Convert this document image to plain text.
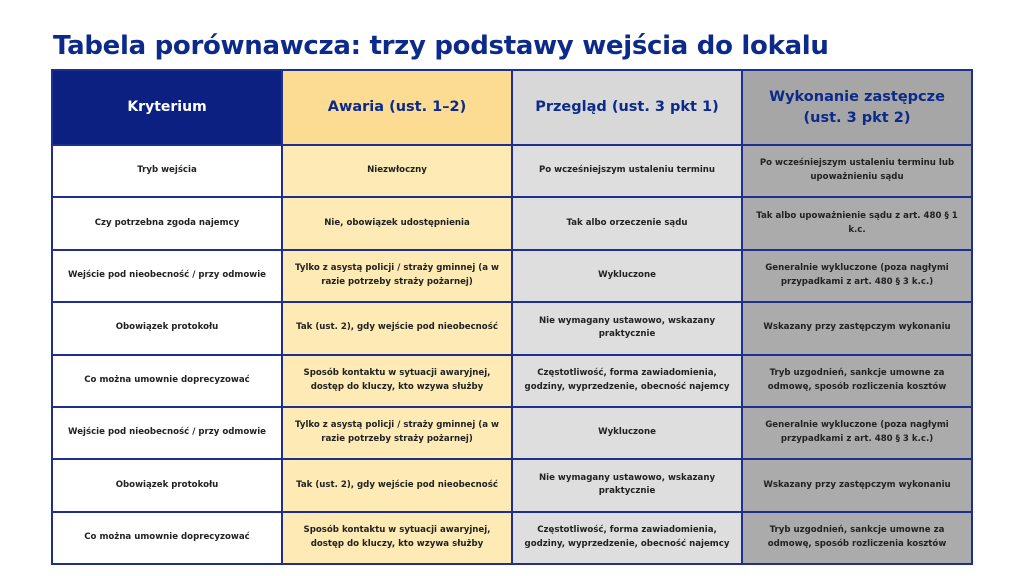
Tabela porównawcza: trzy podstawy wejścia do lokalu
Kryterium	Awaria (ust. 1–2)	Przegląd (ust. 3 pkt 1)	Wykonanie zastępcze (ust. 3 pkt 2)
Tryb wejścia	Niezwłoczny	Po wcześniejszym ustaleniu terminu	Po wcześniejszym ustaleniu terminu lub upoważnieniu sądu
Czy potrzebna zgoda najemcy	Nie, obowiązek udostępnienia	Tak albo orzeczenie sądu	Tak albo upoważnienie sądu z art. 480 § 1 k.c.
Wejście pod nieobecność / przy odmowie	Tylko z asystą policji / straży gminnej (a w razie potrzeby straży pożarnej)	Wykluczone	Generalnie wykluczone (poza nagłymi przypadkami z art. 480 § 3 k.c.)
Obowiązek protokołu	Tak (ust. 2), gdy wejście pod nieobecność	Nie wymagany ustawowo, wskazany praktycznie	Wskazany przy zastępczym wykonaniu
Co można umownie doprecyzować	Sposób kontaktu w sytuacji awaryjnej, dostęp do kluczy, kto wzywa służby	Częstotliwość, forma zawiadomienia, godziny, wyprzedzenie, obecność najemcy	Tryb uzgodnień, sankcje umowne za odmowę, sposób rozliczenia kosztów
Wejście pod nieobecność / przy odmowie	Tylko z asystą policji / straży gminnej (a w razie potrzeby straży pożarnej)	Wykluczone	Generalnie wykluczone (poza nagłymi przypadkami z art. 480 § 3 k.c.)
Obowiązek protokołu	Tak (ust. 2), gdy wejście pod nieobecność	Nie wymagany ustawowo, wskazany praktycznie	Wskazany przy zastępczym wykonaniu
Co można umownie doprecyzować	Sposób kontaktu w sytuacji awaryjnej, dostęp do kluczy, kto wzywa służby	Częstotliwość, forma zawiadomienia, godziny, wyprzedzenie, obecność najemcy	Tryb uzgodnień, sankcje umowne za odmowę, sposób rozliczenia kosztów
